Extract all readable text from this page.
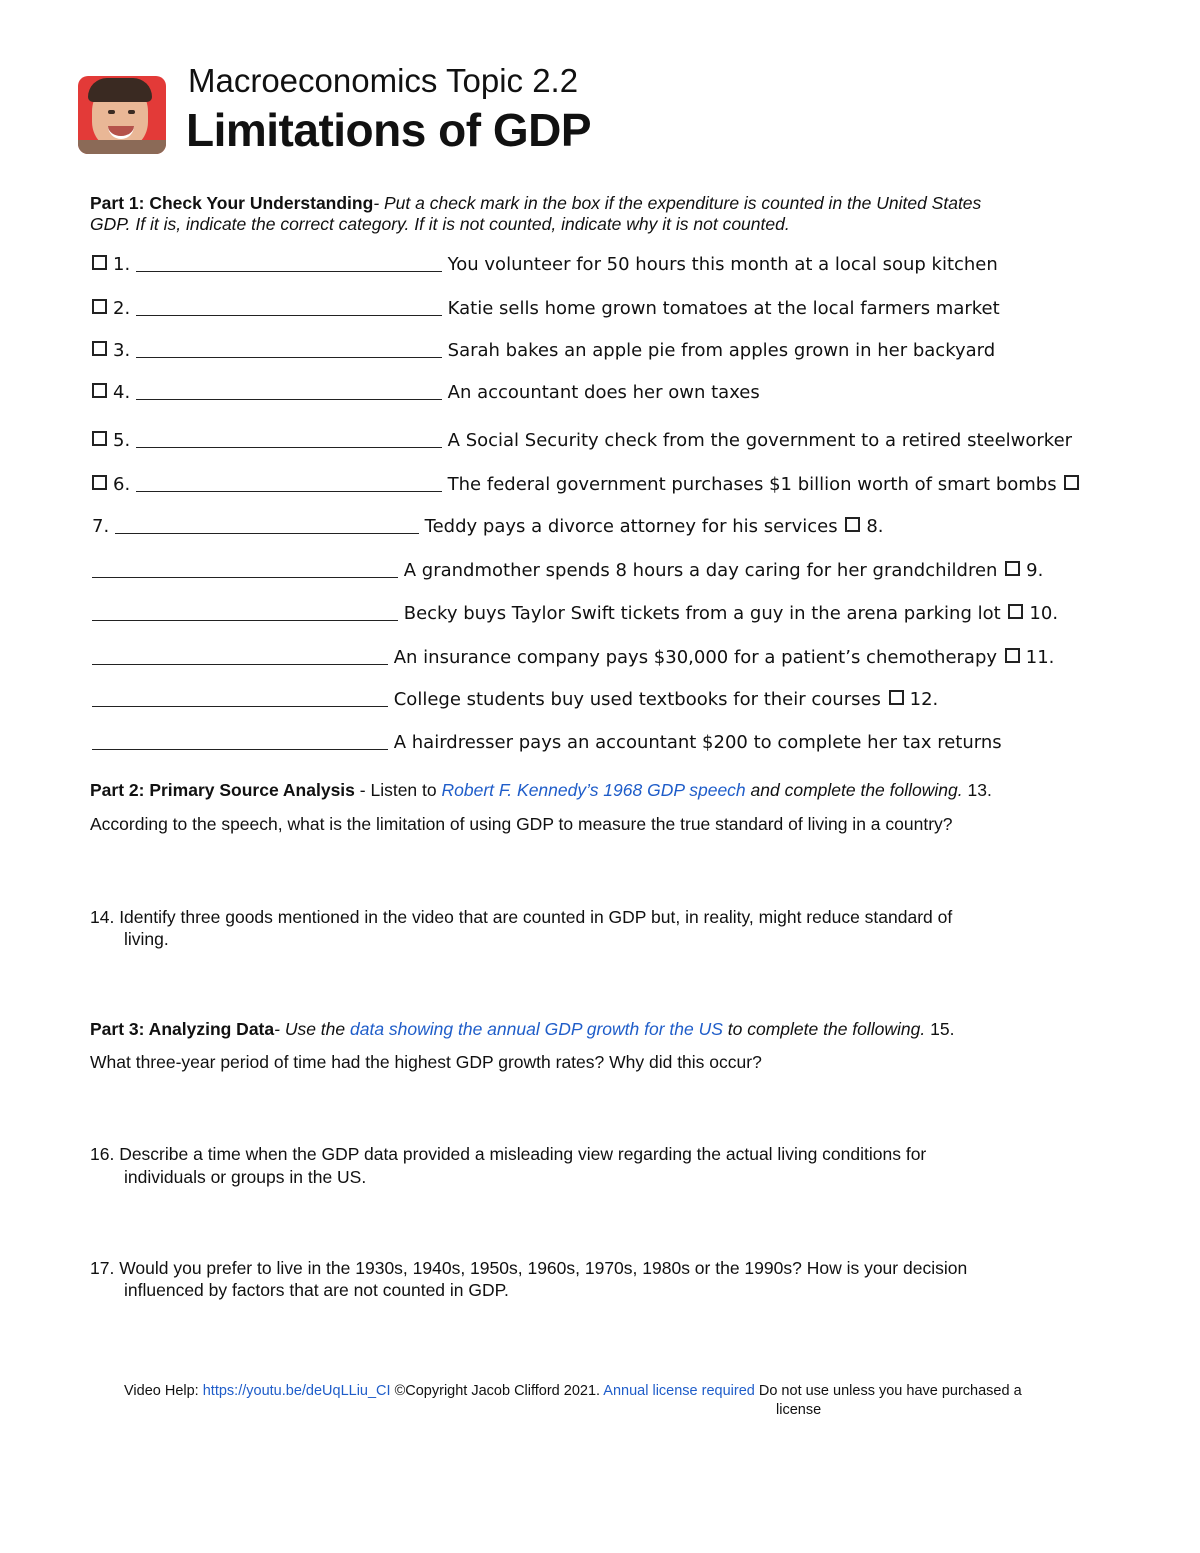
Macroeconomics Topic 2.2
Limitations of GDP
Part 1: Check Your Understanding- Put a check mark in the box if the expenditure is counted in the United States
GDP. If it is, indicate the correct category. If it is not counted, indicate why it is not counted.
1.	You volunteer for 50 hours this month at a local soup kitchen
2.	Katie sells home grown tomatoes at the local farmers market
3.	Sarah bakes an apple pie from apples grown in her backyard
4.	An accountant does her own taxes
5.	A Social Security check from the government to a retired steelworker
6.	The federal government purchases $1 billion worth of smart bombs
7.	Teddy pays a divorce attorney for his services 8.
A grandmother spends 8 hours a day caring for her grandchildren 9.
Becky buys Taylor Swift tickets from a guy in the arena parking lot 10.
An insurance company pays $30,000 for a patient’s chemotherapy 11.
College students buy used textbooks for their courses 12.
A hairdresser pays an accountant $200 to complete her tax returns
Part 2: Primary Source Analysis - Listen to Robert F. Kennedy’s 1968 GDP speech and complete the following. 13.
According to the speech, what is the limitation of using GDP to measure the true standard of living in a country?
14. Identify three goods mentioned in the video that are counted in GDP but, in reality, might reduce standard of
living.
Part 3: Analyzing Data- Use the data showing the annual GDP growth for the US to complete the following. 15.
What three-year period of time had the highest GDP growth rates? Why did this occur?
16. Describe a time when the GDP data provided a misleading view regarding the actual living conditions for
individuals or groups in the US.
17. Would you prefer to live in the 1930s, 1940s, 1950s, 1960s, 1970s, 1980s or the 1990s? How is your decision
influenced by factors that are not counted in GDP.
Video Help: https://youtu.be/deUqLLiu_CI ©Copyright Jacob Clifford 2021. Annual license required Do not use unless you have purchased a
license
